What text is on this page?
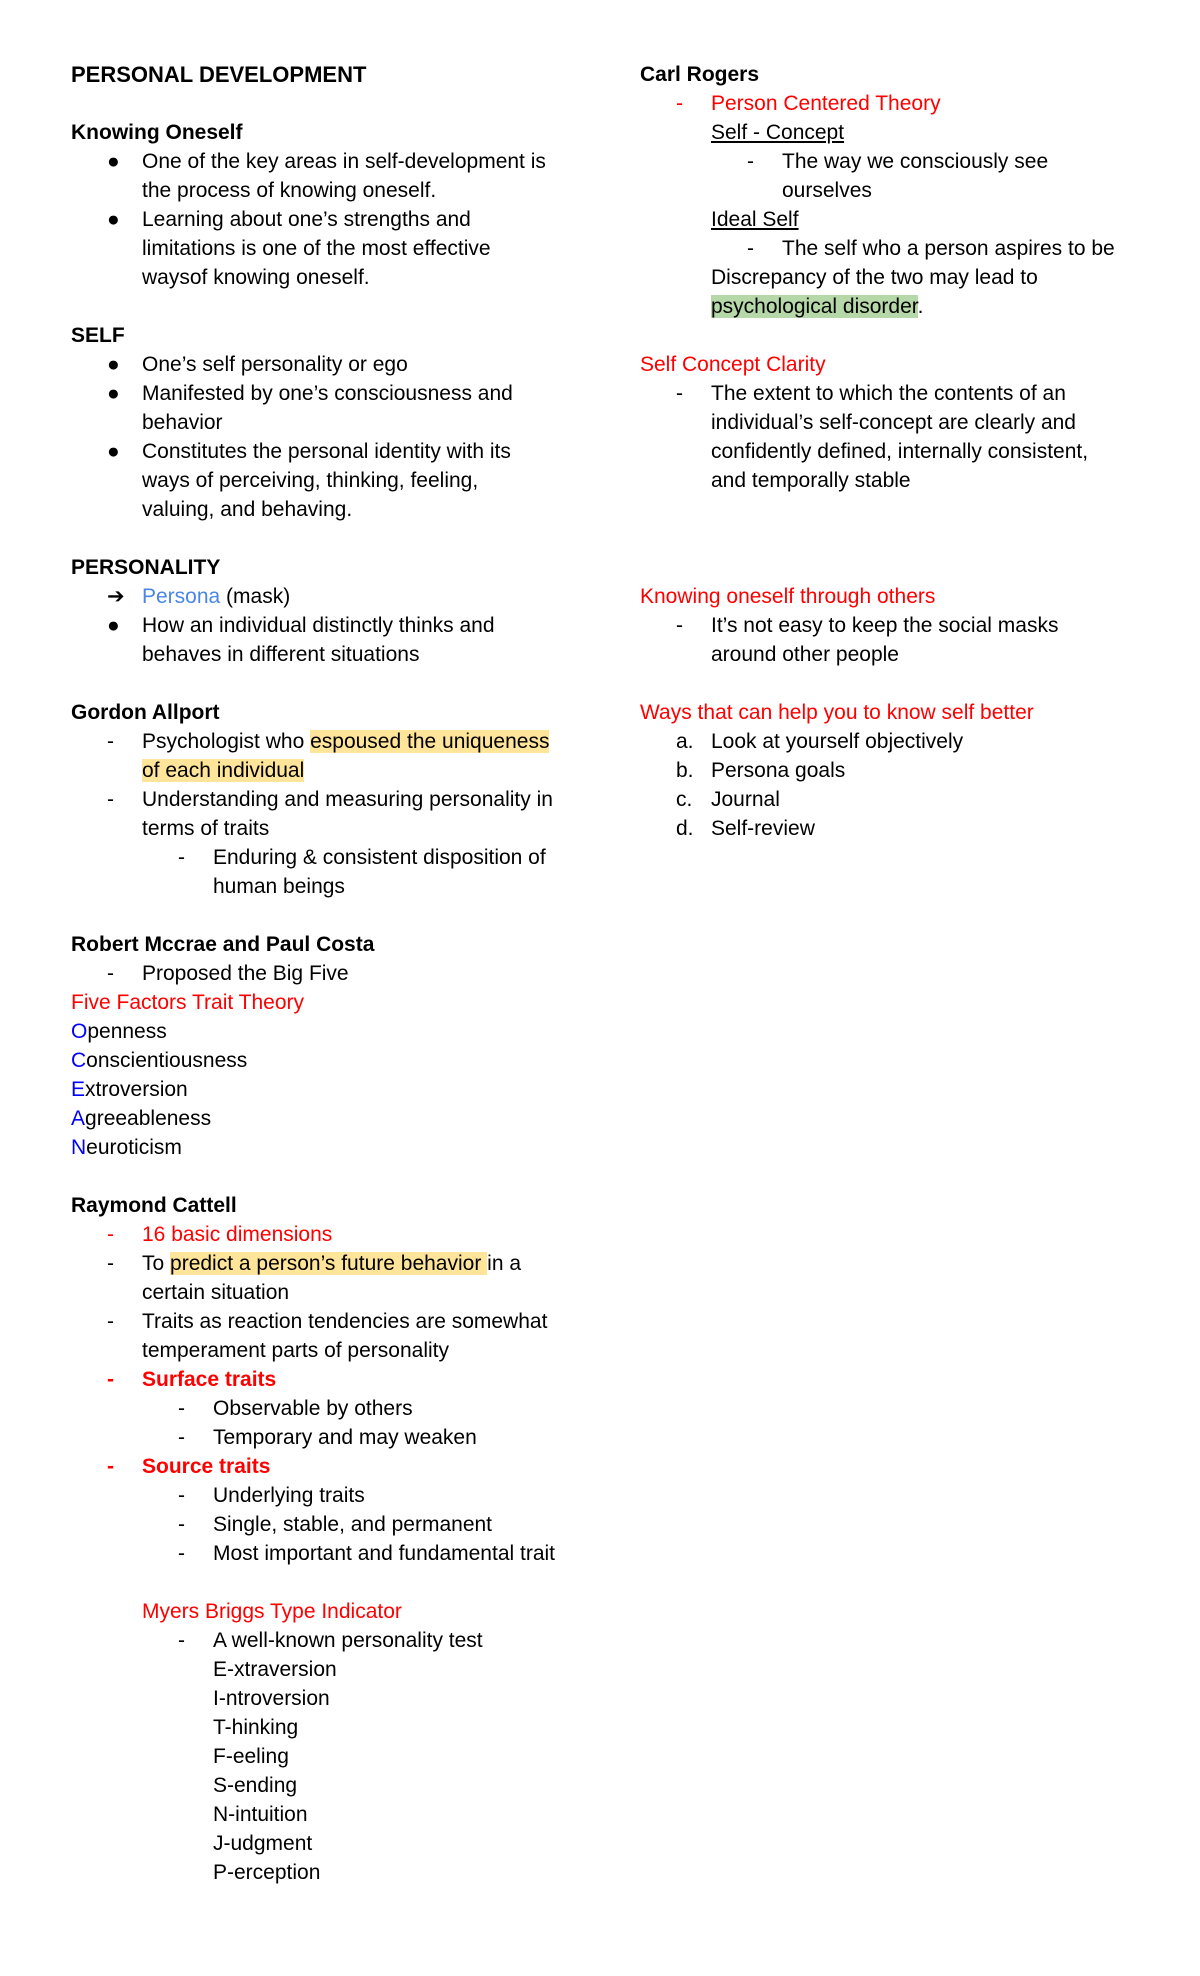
PERSONAL DEVELOPMENT
Knowing Oneself
● One of the key areas in self-development is
the process of knowing oneself.
● Learning about one’s strengths and
limitations is one of the most effective
waysof knowing oneself.
SELF
● One’s self personality or ego
● Manifested by one’s consciousness and
behavior
● Constitutes the personal identity with its
ways of perceiving, thinking, feeling,
valuing, and behaving.
PERSONALITY
➔ Persona (mask)
● How an individual distinctly thinks and
behaves in different situations
Gordon Allport
- Psychologist who espoused the uniqueness
of each individual
- Understanding and measuring personality in
terms of traits
- Enduring & consistent disposition of
human beings
Robert Mccrae and Paul Costa
- Proposed the Big Five
Five Factors Trait Theory
Openness
Conscientiousness
Extroversion
Agreeableness
Neuroticism
Raymond Cattell
- 16 basic dimensions
- To predict a person’s future behavior in a
certain situation
- Traits as reaction tendencies are somewhat
temperament parts of personality
- Surface traits
- Observable by others
- Temporary and may weaken
- Source traits
- Underlying traits
- Single, stable, and permanent
- Most important and fundamental trait
Myers Briggs Type Indicator
- A well-known personality test
E-xtraversion
I-ntroversion
T-hinking
F-eeling
S-ending
N-intuition
J-udgment
P-erception
Carl Rogers
- Person Centered Theory
Self - Concept
- The way we consciously see
ourselves
Ideal Self
- The self who a person aspires to be
Discrepancy of the two may lead to
psychological disorder.
Self Concept Clarity
- The extent to which the contents of an
individual’s self-concept are clearly and
confidently defined, internally consistent,
and temporally stable
Knowing oneself through others
- It’s not easy to keep the social masks
around other people
Ways that can help you to know self better
a. Look at yourself objectively
b. Persona goals
c. Journal
d. Self-review
